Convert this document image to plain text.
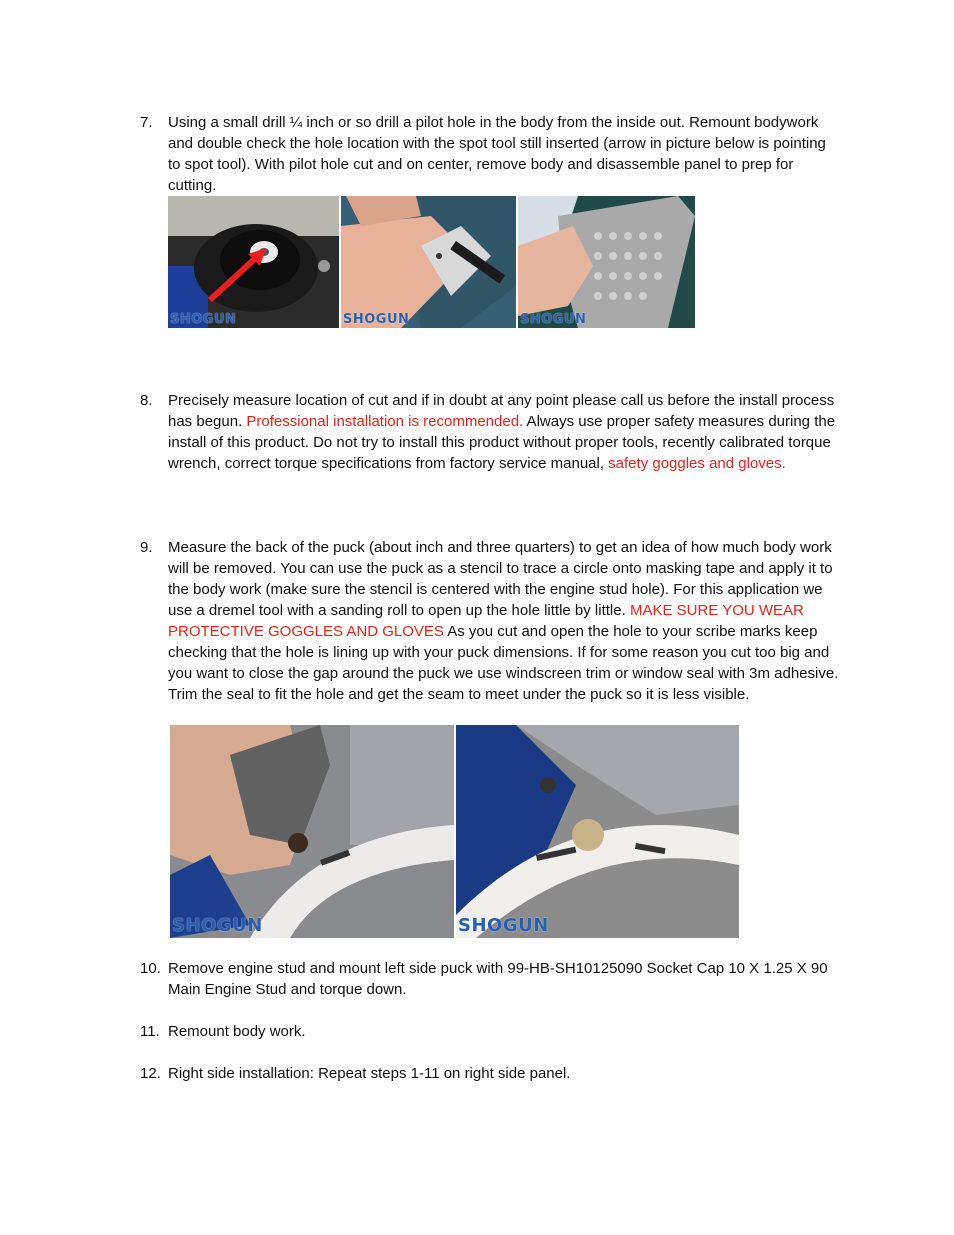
7.	Using a small drill ¼ inch or so drill a pilot hole in the body from the inside out. Remount bodywork and double check the hole location with the spot tool still inserted (arrow in picture below is pointing to spot tool). With pilot hole cut and on center, remove body and disassemble panel to prep for cutting.
SHOGUN	SHOGUN	SHOGUN
8.	Precisely measure location of cut and if in doubt at any point please call us before the install process has begun. Professional installation is recommended. Always use proper safety measures during the install of this product. Do not try to install this product without proper tools, recently calibrated torque wrench, correct torque specifications from factory service manual, safety goggles and gloves.
9.	Measure the back of the puck (about inch and three quarters) to get an idea of how much body work will be removed. You can use the puck as a stencil to trace a circle onto masking tape and apply it to the body work (make sure the stencil is centered with the engine stud hole). For this application we use a dremel tool with a sanding roll to open up the hole little by little. MAKE SURE YOU WEAR PROTECTIVE GOGGLES AND GLOVES As you cut and open the hole to your scribe marks keep checking that the hole is lining up with your puck dimensions. If for some reason you cut too big and you want to close the gap around the puck we use windscreen trim or window seal with 3m adhesive. Trim the seal to fit the hole and get the seam to meet under the puck so it is less visible.
SHOGUN	SHOGUN
10. Remove engine stud and mount left side puck with 99-HB-SH10125090 Socket Cap 10 X 1.25 X 90 Main Engine Stud and torque down.
11. Remount body work.
12. Right side installation: Repeat steps 1-11 on right side panel.
